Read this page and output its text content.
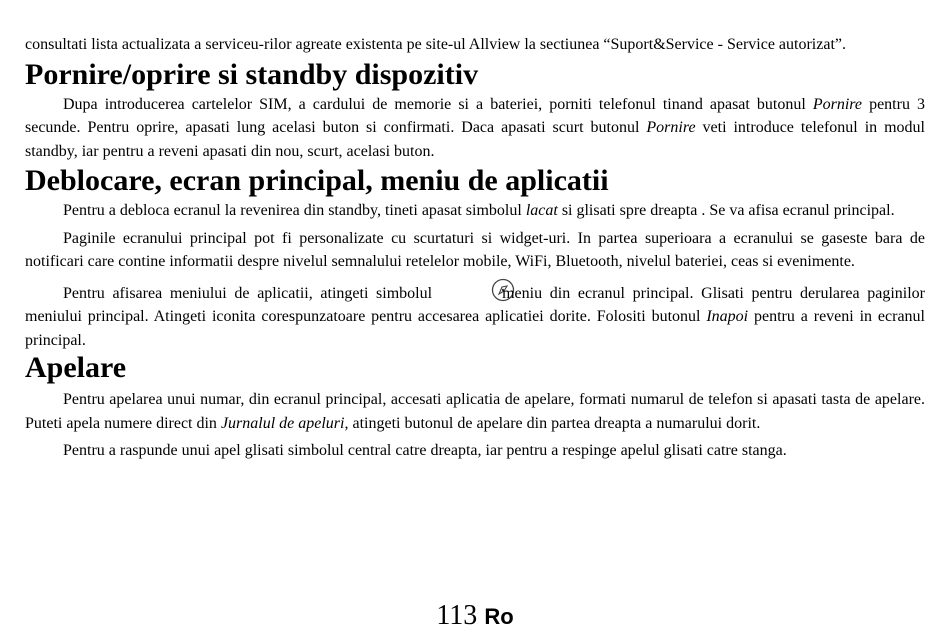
consultati lista actualizata a serviceu-rilor agreate existenta pe site-ul Allview la sectiunea “Suport&Service - Service autorizat”.

Pornire/oprire si standby dispozitiv

Dupa introducerea cartelelor SIM, a cardului de memorie si a bateriei, porniti telefonul tinand apasat butonul Pornire pentru 3 secunde. Pentru oprire, apasati lung acelasi buton si confirmati. Daca apasati scurt butonul Pornire veti introduce telefonul in modul standby, iar pentru a reveni apasati din nou, scurt, acelasi buton.

Deblocare, ecran principal, meniu de aplicatii

Pentru a debloca ecranul la revenirea din standby, tineti apasat simbolul lacat si glisati spre dreapta . Se va afisa ecranul principal.

Paginile ecranului principal pot fi personalizate cu scurtaturi si widget-uri. In partea superioara a ecranului se gaseste bara de notificari care contine informatii despre nivelul semnalului retelelor mobile, WiFi, Bluetooth, nivelul bateriei, ceas si evenimente.

Pentru afisarea meniului de aplicatii, atingeti simbolul	meniu din ecranul principal. Glisati pentru derularea paginilor meniului principal. Atingeti iconita corespunzatoare pentru accesarea aplicatiei dorite. Folositi butonul Inapoi pentru a reveni in ecranul principal.

Apelare

Pentru apelarea unui numar, din ecranul principal, accesati aplicatia de apelare, formati numarul de telefon si apasati tasta de apelare. Puteti apela numere direct din Jurnalul de apeluri, atingeti butonul de apelare din partea dreapta a numarului dorit.

Pentru a raspunde unui apel glisati simbolul central catre dreapta, iar pentru a respinge apelul glisati catre stanga.

113 Ro
